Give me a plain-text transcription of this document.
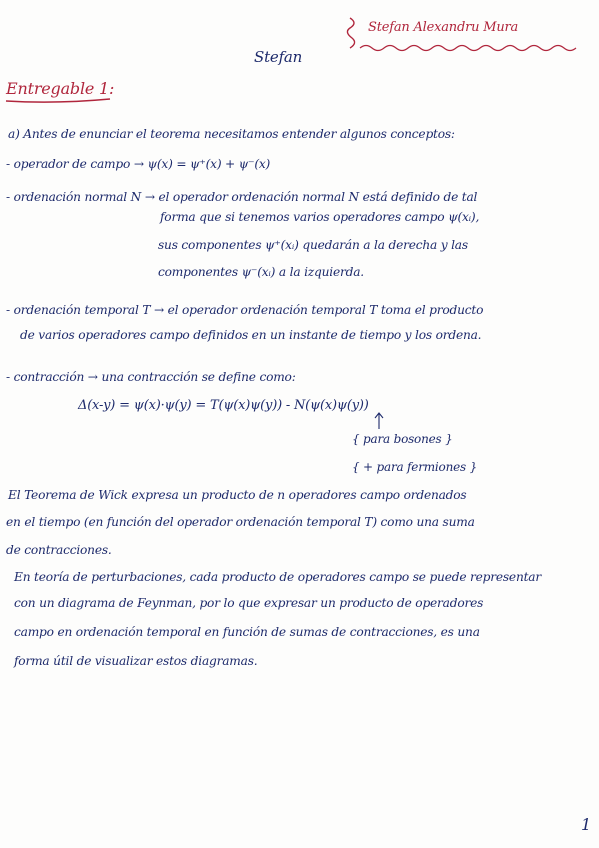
Stefan Alexandru Mura
Stefan
Entregable 1:
a) Antes de enunciar el teorema necesitamos entender algunos conceptos:
- operador de campo → ψ(x) = ψ⁺(x) + ψ⁻(x)
- ordenación normal N → el operador ordenación normal N está definido de tal
forma que si tenemos varios operadores campo ψ(xᵢ),
sus componentes ψ⁺(xᵢ) quedarán a la derecha y las
componentes ψ⁻(xᵢ) a la izquierda.
- ordenación temporal T → el operador ordenación temporal T toma el producto
de varios operadores campo definidos en un instante de tiempo y los ordena.
- contracción → una contracción se define como:
Δ(x-y) = ψ(x)·ψ(y) = T(ψ(x)ψ(y)) - N(ψ(x)ψ(y))
{ para bosones }
{ + para fermiones }
El Teorema de Wick expresa un producto de n operadores campo ordenados
en el tiempo (en función del operador ordenación temporal T) como una suma
de contracciones.
En teoría de perturbaciones, cada producto de operadores campo se puede representar
con un diagrama de Feynman, por lo que expresar un producto de operadores
campo en ordenación temporal en función de sumas de contracciones, es una
forma útil de visualizar estos diagramas.
1
